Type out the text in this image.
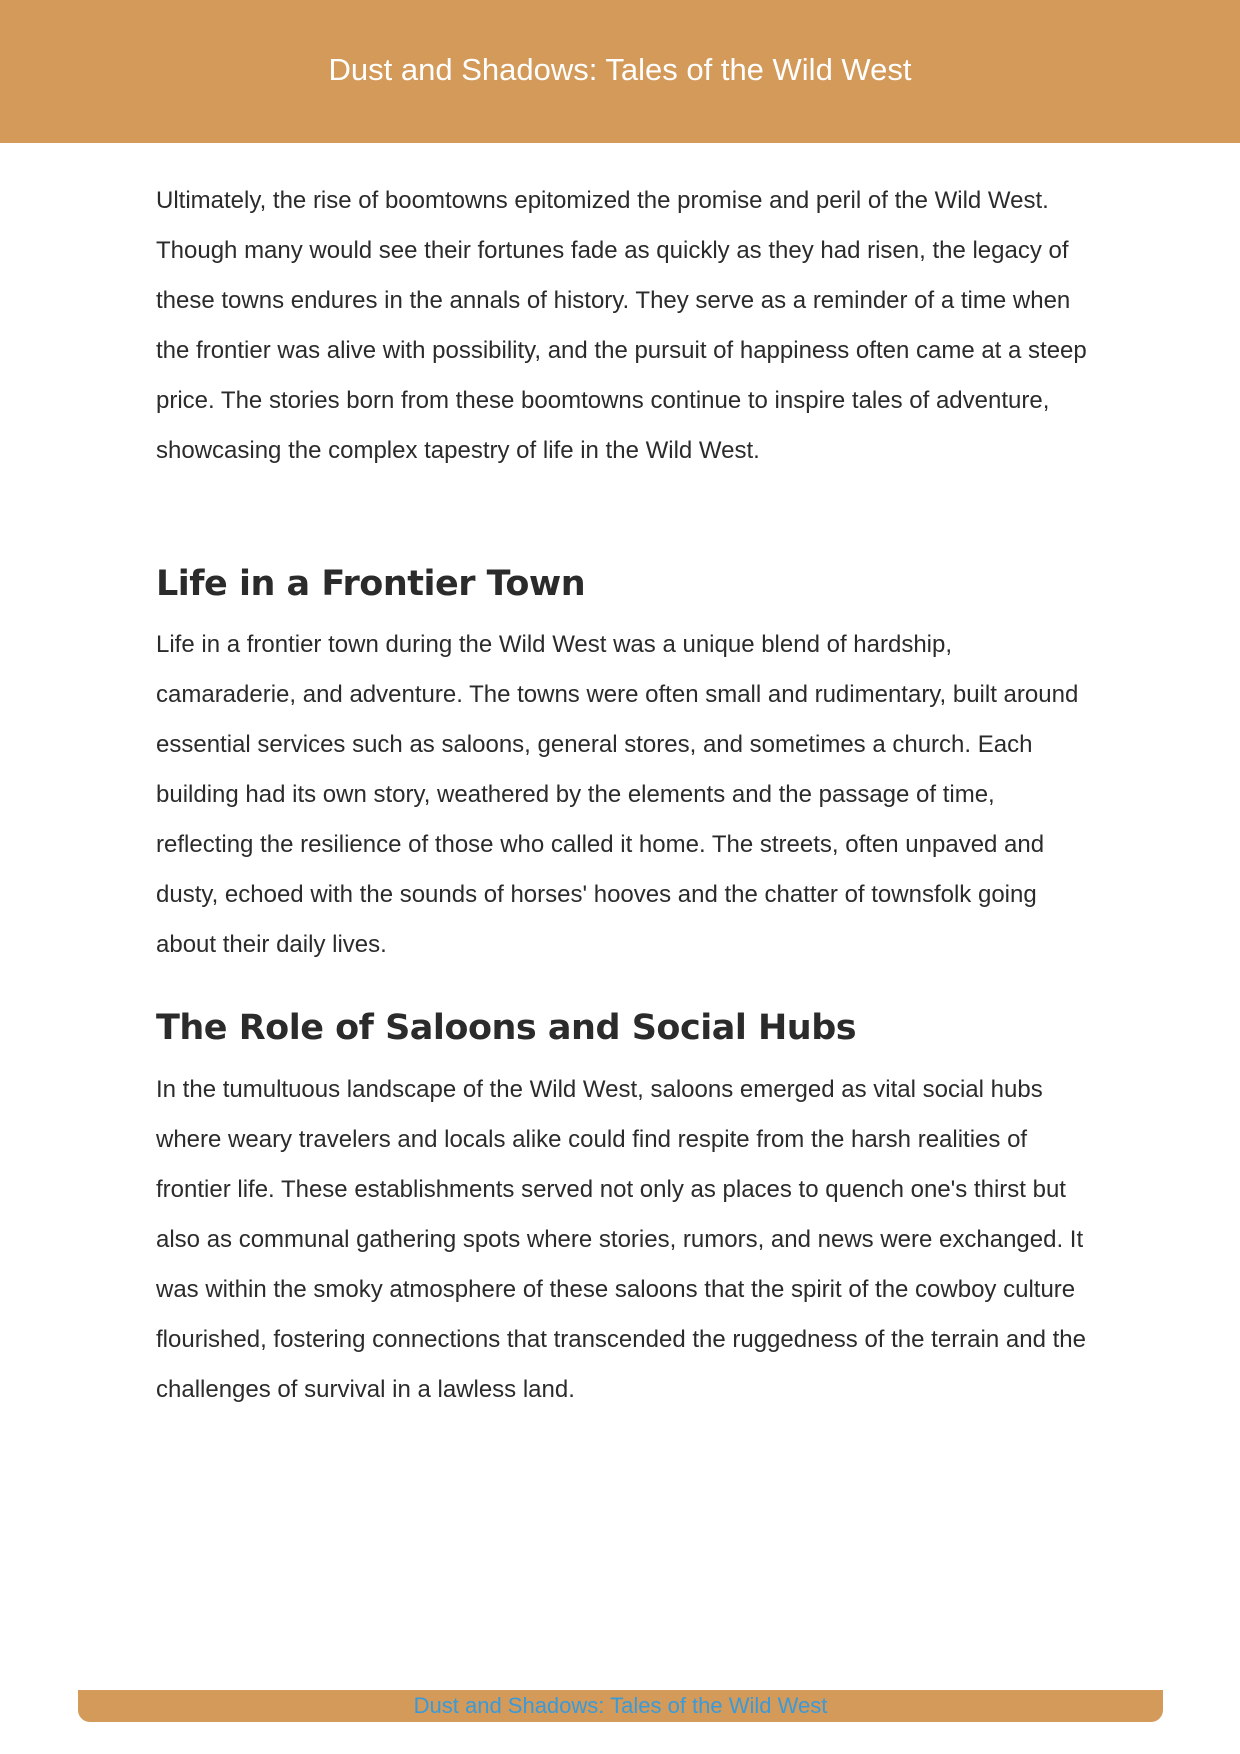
Dust and Shadows: Tales of the Wild West

Ultimately, the rise of boomtowns epitomized the promise and peril of the Wild West. Though many would see their fortunes fade as quickly as they had risen, the legacy of these towns endures in the annals of history. They serve as a reminder of a time when the frontier was alive with possibility, and the pursuit of happiness often came at a steep price. The stories born from these boomtowns continue to inspire tales of adventure, showcasing the complex tapestry of life in the Wild West.

Life in a Frontier Town

Life in a frontier town during the Wild West was a unique blend of hardship, camaraderie, and adventure. The towns were often small and rudimentary, built around essential services such as saloons, general stores, and sometimes a church. Each building had its own story, weathered by the elements and the passage of time, reflecting the resilience of those who called it home. The streets, often unpaved and dusty, echoed with the sounds of horses' hooves and the chatter of townsfolk going about their daily lives.

The Role of Saloons and Social Hubs

In the tumultuous landscape of the Wild West, saloons emerged as vital social hubs where weary travelers and locals alike could find respite from the harsh realities of frontier life. These establishments served not only as places to quench one's thirst but also as communal gathering spots where stories, rumors, and news were exchanged. It was within the smoky atmosphere of these saloons that the spirit of the cowboy culture flourished, fostering connections that transcended the ruggedness of the terrain and the challenges of survival in a lawless land.

Dust and Shadows: Tales of the Wild West
